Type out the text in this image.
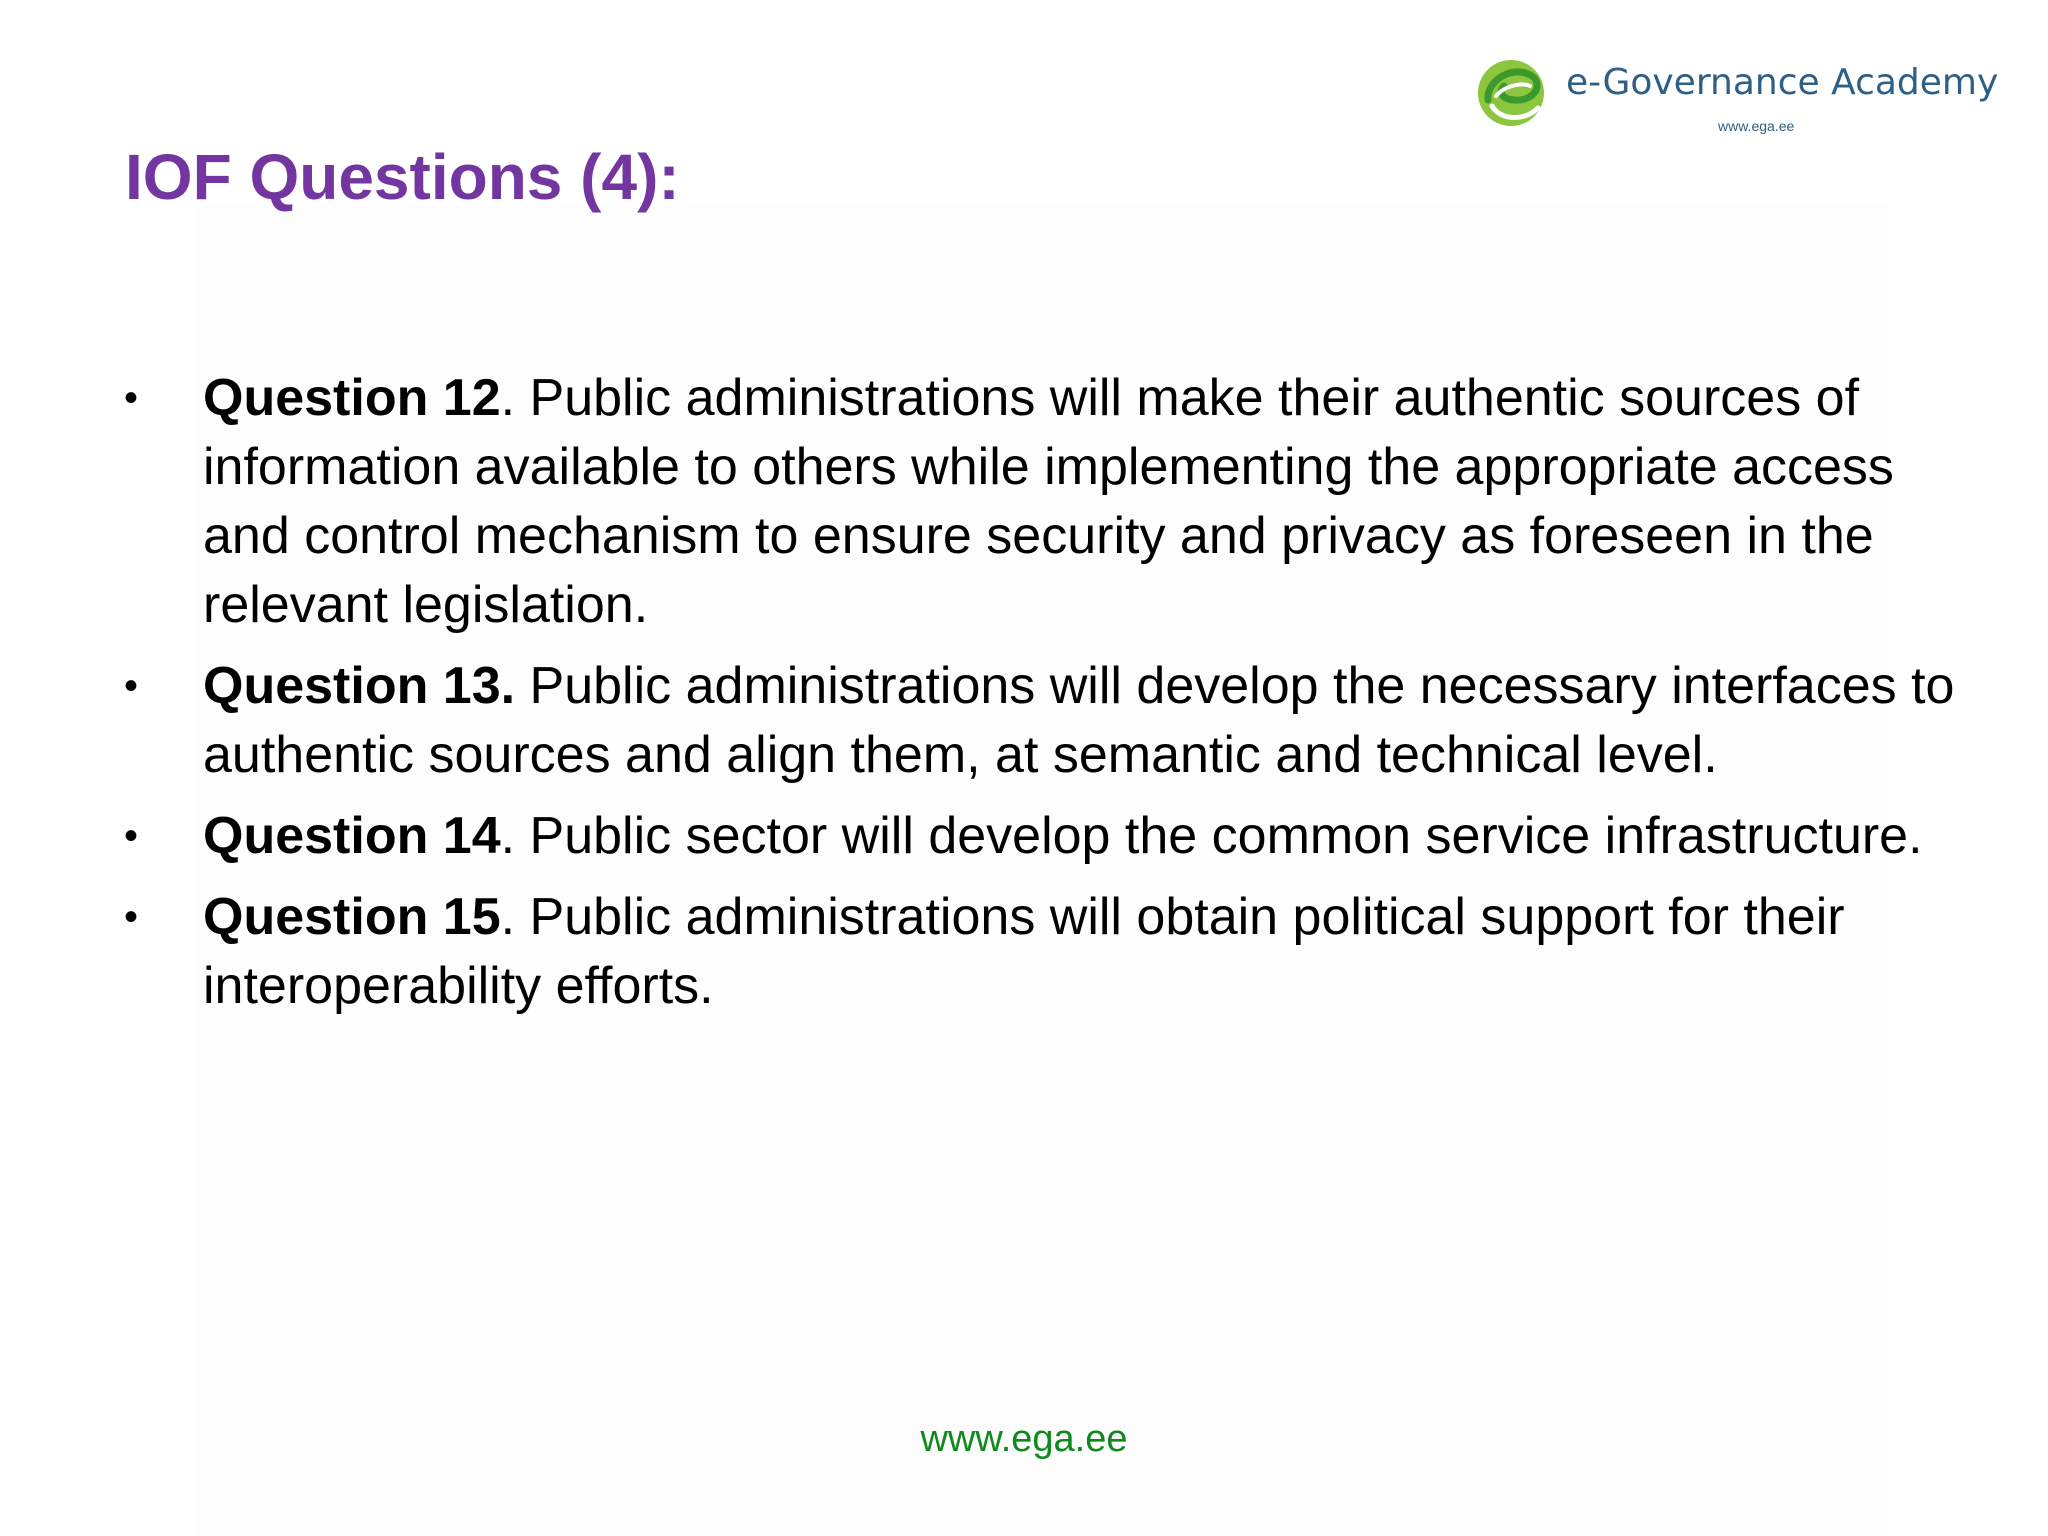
e-Governance Academy
www.ega.ee
IOF Questions (4):
• Question 12. Public administrations will make their authentic sources of information available to others while implementing the appropriate access and control mechanism to ensure security and privacy as foreseen in the relevant legislation.
• Question 13. Public administrations will develop the necessary interfaces to authentic sources and align them, at semantic and technical level.
• Question 14. Public sector will develop the common service infrastructure.
• Question 15. Public administrations will obtain political support for their interoperability efforts.
www.ega.ee
